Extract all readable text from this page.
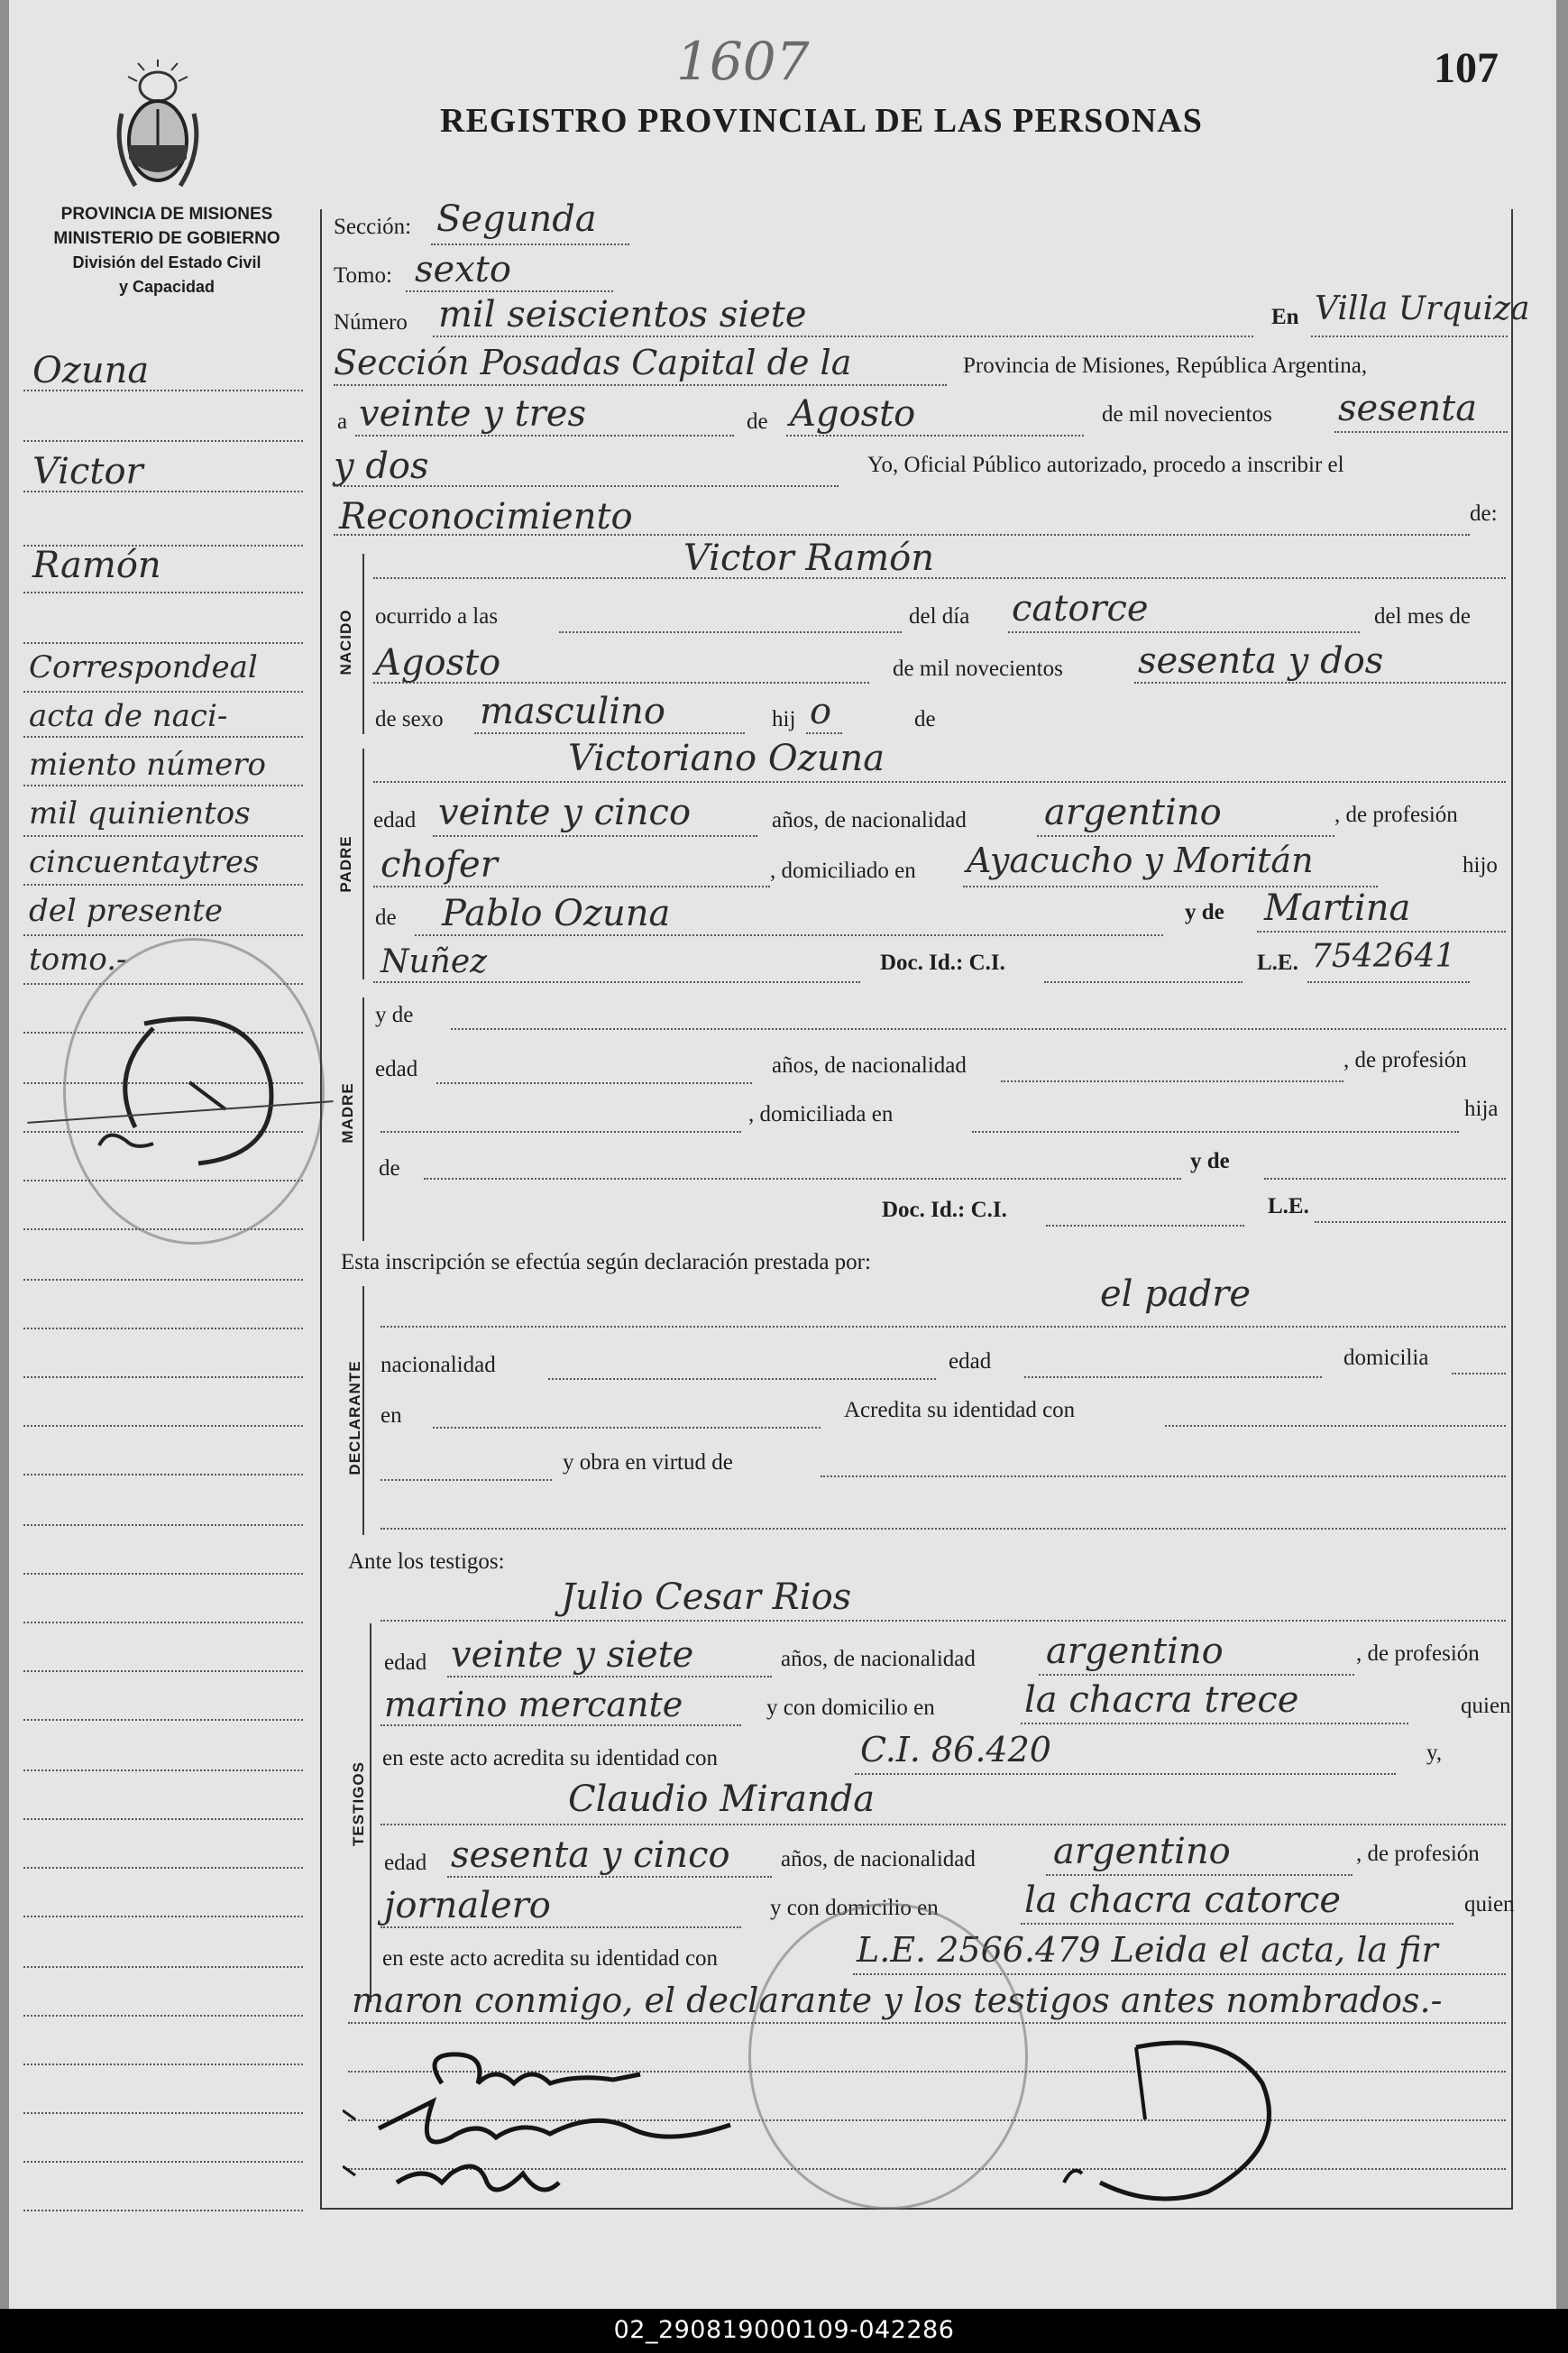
PROVINCIA DE MISIONES
MINISTERIO DE GOBIERNO
División del Estado Civil
y Capacidad
1607	107
REGISTRO PROVINCIAL DE LAS PERSONAS
Ozuna
Victor
Ramón
Correspondeal
acta de naci-
miento número
mil quinientos
cincuentaytres
del presente
tomo.-
Sección: Segunda
Tomo: sexto
Número mil seiscientos siete	En Villa Urquiza
Sección Posadas Capital de la	Provincia de Misiones, República Argentina,
a veinte y tres	de Agosto	de mil novecientos sesenta
y dos	Yo, Oficial Público autorizado, procedo a inscribir el
Reconocimiento	de:
NACIDO
Victor Ramón
ocurrido a las	del día catorce	del mes de
Agosto	de mil novecientos sesenta y dos
de sexo masculino	hij o	de
PADRE
Victoriano Ozuna
edad veinte y cinco	años, de nacionalidad argentino	, de profesión
chofer	, domiciliado en Ayacucho y Moritán	hijo
de Pablo Ozuna	y de Martina
Nuñez	Doc. Id.: C.I.	L.E. 7542641
MADRE
y de
edad	años, de nacionalidad	, de profesión
, domiciliada en	hija
de	y de
Doc. Id.: C.I.	L.E.
Esta inscripción se efectúa según declaración prestada por:
DECLARANTE
el padre
nacionalidad	edad	domicilia
en	Acredita su identidad con
y obra en virtud de
Ante los testigos:
TESTIGOS
Julio Cesar Rios
edad veinte y siete	años, de nacionalidad argentino	, de profesión
marino mercante	y con domicilio en la chacra trece	quien
en este acto acredita su identidad con	C.I. 86.420	y,
Claudio Miranda
edad sesenta y cinco años, de nacionalidad argentino	, de profesión
jornalero	y con domicilio en la chacra catorce	quien
en este acto acredita su identidad con	L.E. 2566.479 Leida el acta, la fir
maron conmigo, el declarante y los testigos antes nombrados.-
02_290819000109-042286
